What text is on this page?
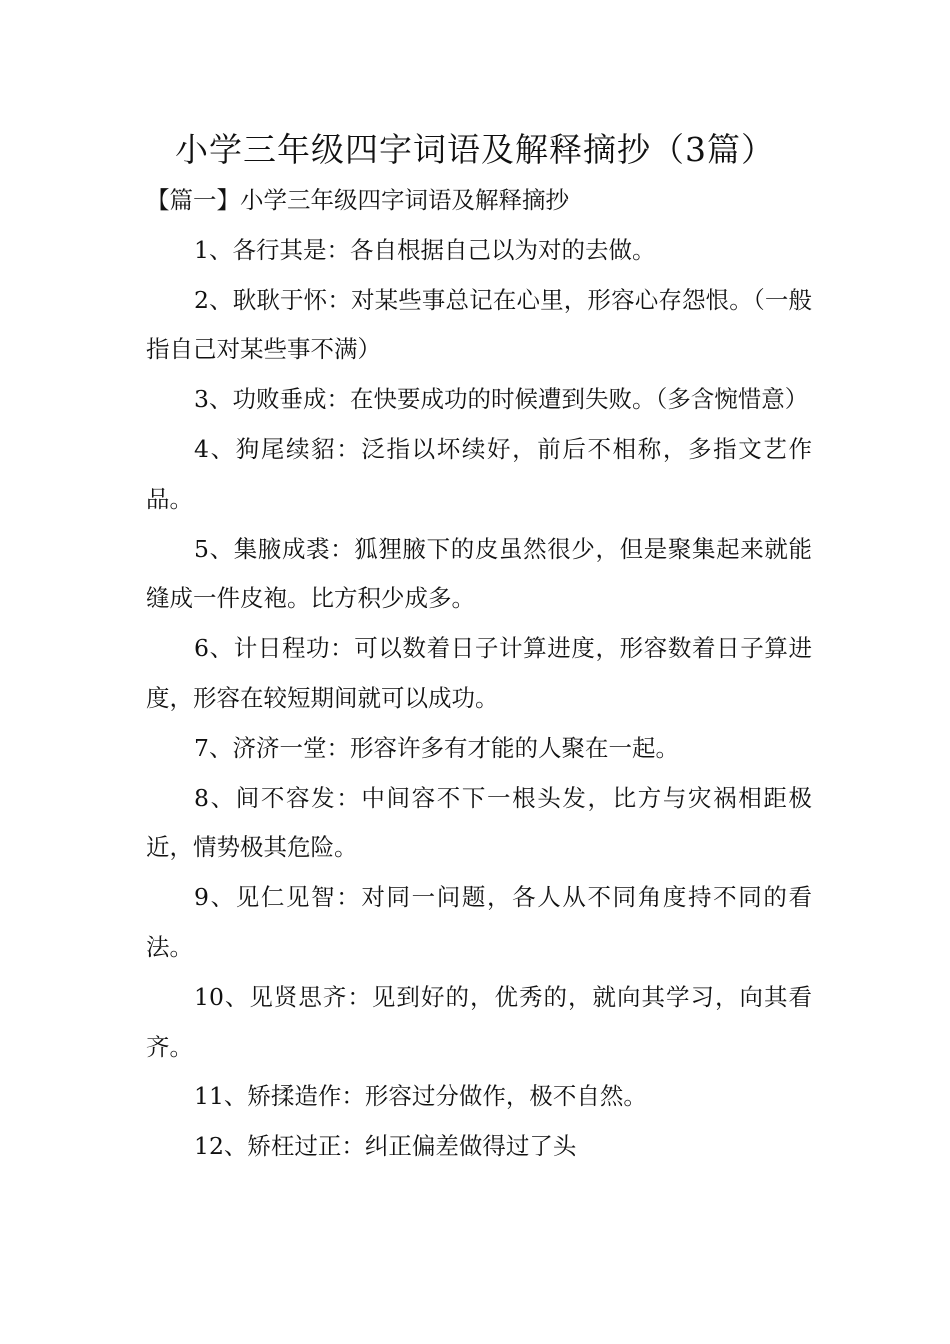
小学三年级四字词语及解释摘抄（3篇）

【篇一】小学三年级四字词语及解释摘抄

1、各行其是：各自根据自己以为对的去做。

2、耿耿于怀：对某些事总记在心里，形容心存怨恨。（一般指自己对某些事不满）

3、功败垂成：在快要成功的时候遭到失败。（多含惋惜意）

4、狗尾续貂：泛指以坏续好，前后不相称，多指文艺作品。

5、集腋成裘：狐狸腋下的皮虽然很少，但是聚集起来就能缝成一件皮袍。比方积少成多。

6、计日程功：可以数着日子计算进度，形容数着日子算进度，形容在较短期间就可以成功。

7、济济一堂：形容许多有才能的人聚在一起。

8、间不容发：中间容不下一根头发，比方与灾祸相距极近，情势极其危险。

9、见仁见智：对同一问题，各人从不同角度持不同的看法。

10、见贤思齐：见到好的，优秀的，就向其学习，向其看齐。

11、矫揉造作：形容过分做作，极不自然。

12、矫枉过正：纠正偏差做得过了头
